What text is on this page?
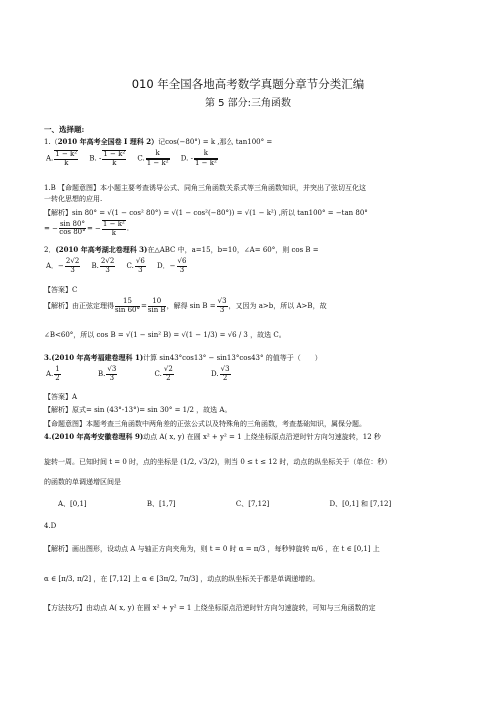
010 年全国各地高考数学真题分章节分类汇编
第 5 部分:三角函数
一、选择题:
1.（2010 年高考全国卷 I 理科 2）记cos(−80°) = k ,那么 tan100° =
A. $\frac{\text{1 − k²}}{k} B$. - $\frac{\text{1 − k²}}{k} C$. $\frac{k}{\text{1 − k²}} D$. - $\frac{k}{\text{1 − k²}}$
1.B 【命题意图】本小题主要考查诱导公式、同角三角函数关系式等三角函数知识，并突出了弦切互化这
一转化思想的应用.
【解析】sin 80° = √(1 − cos² 80°) = √(1 − cos²(−80°)) = √(1 − k²) ,所以 tan100° = −tan 80°
= − $\frac{\sin 80^\circ}{\cos 80^\circ}$ = − $\frac{\text{1 − k²}}{k}$ .
2．(2010 年高考湖北卷理科 3)在△ABC 中，a=15，b=10，∠A= 60°，则 cos B =
A．− $\frac{2√2}{3} B$. $\frac{2√2}{3} C$. $\frac{√6}{3}$ D．− $\frac{√6}{3}$
【答案】C
【解析】由正弦定理得 $\frac{15}{\sin 60^\circ} = \frac{10}{\text{sin B}}$ ，解得 $\sin B = \frac{√3}{3}$ ，又因为 a>b，所以 A>B，故
∠B<60°，所以 cos B = √(1 − sin² B) = √(1 − 1/3) = √6 / 3 ，故选 C。
3.(2010 年高考福建卷理科 1)计算 sin43°cos13° − sin13°cos43° 的值等于（　　）
A. $\frac{1}{2}$	B. $\frac{√3}{3}$	C. $\frac{√2}{2}$	D. $\frac{√3}{2}$
【答案】A
【解析】原式= sin (43°-13°)= sin 30° = 1/2 ，故选 A。
【命题意图】本题考查三角函数中两角差的正弦公式以及特殊角的三角函数，考查基础知识，属保分题。
4.(2010 年高考安徽卷理科 9)动点 A( x, y) 在圆 x² + y² = 1 上绕坐标原点沿逆时针方向匀速旋转，12 秒
旋转一周。已知时间 t = 0 时，点的坐标是 (1/2, √3/2)，则当 0 ≤ t ≤ 12 时，动点的纵坐标关于（单位：秒）
的函数的单调递增区间是
A、[0,1]	B、[1,7]	C、[7,12]	D、[0,1] 和 [7,12]
4.D
【解析】画出图形，设动点 A 与轴正方向夹角为，则 t = 0 时 α = π/3 ，每秒钟旋转 π/6 ，在 t ∈ [0,1] 上
α ∈ [π/3, π/2] ，在 [7,12] 上 α ∈ [3π/2, 7π/3] ，动点的纵坐标关于都是单调递增的。
【方法技巧】由动点 A( x, y) 在圆 x² + y² = 1 上绕坐标原点沿逆时针方向匀速旋转，可知与三角函数的定
